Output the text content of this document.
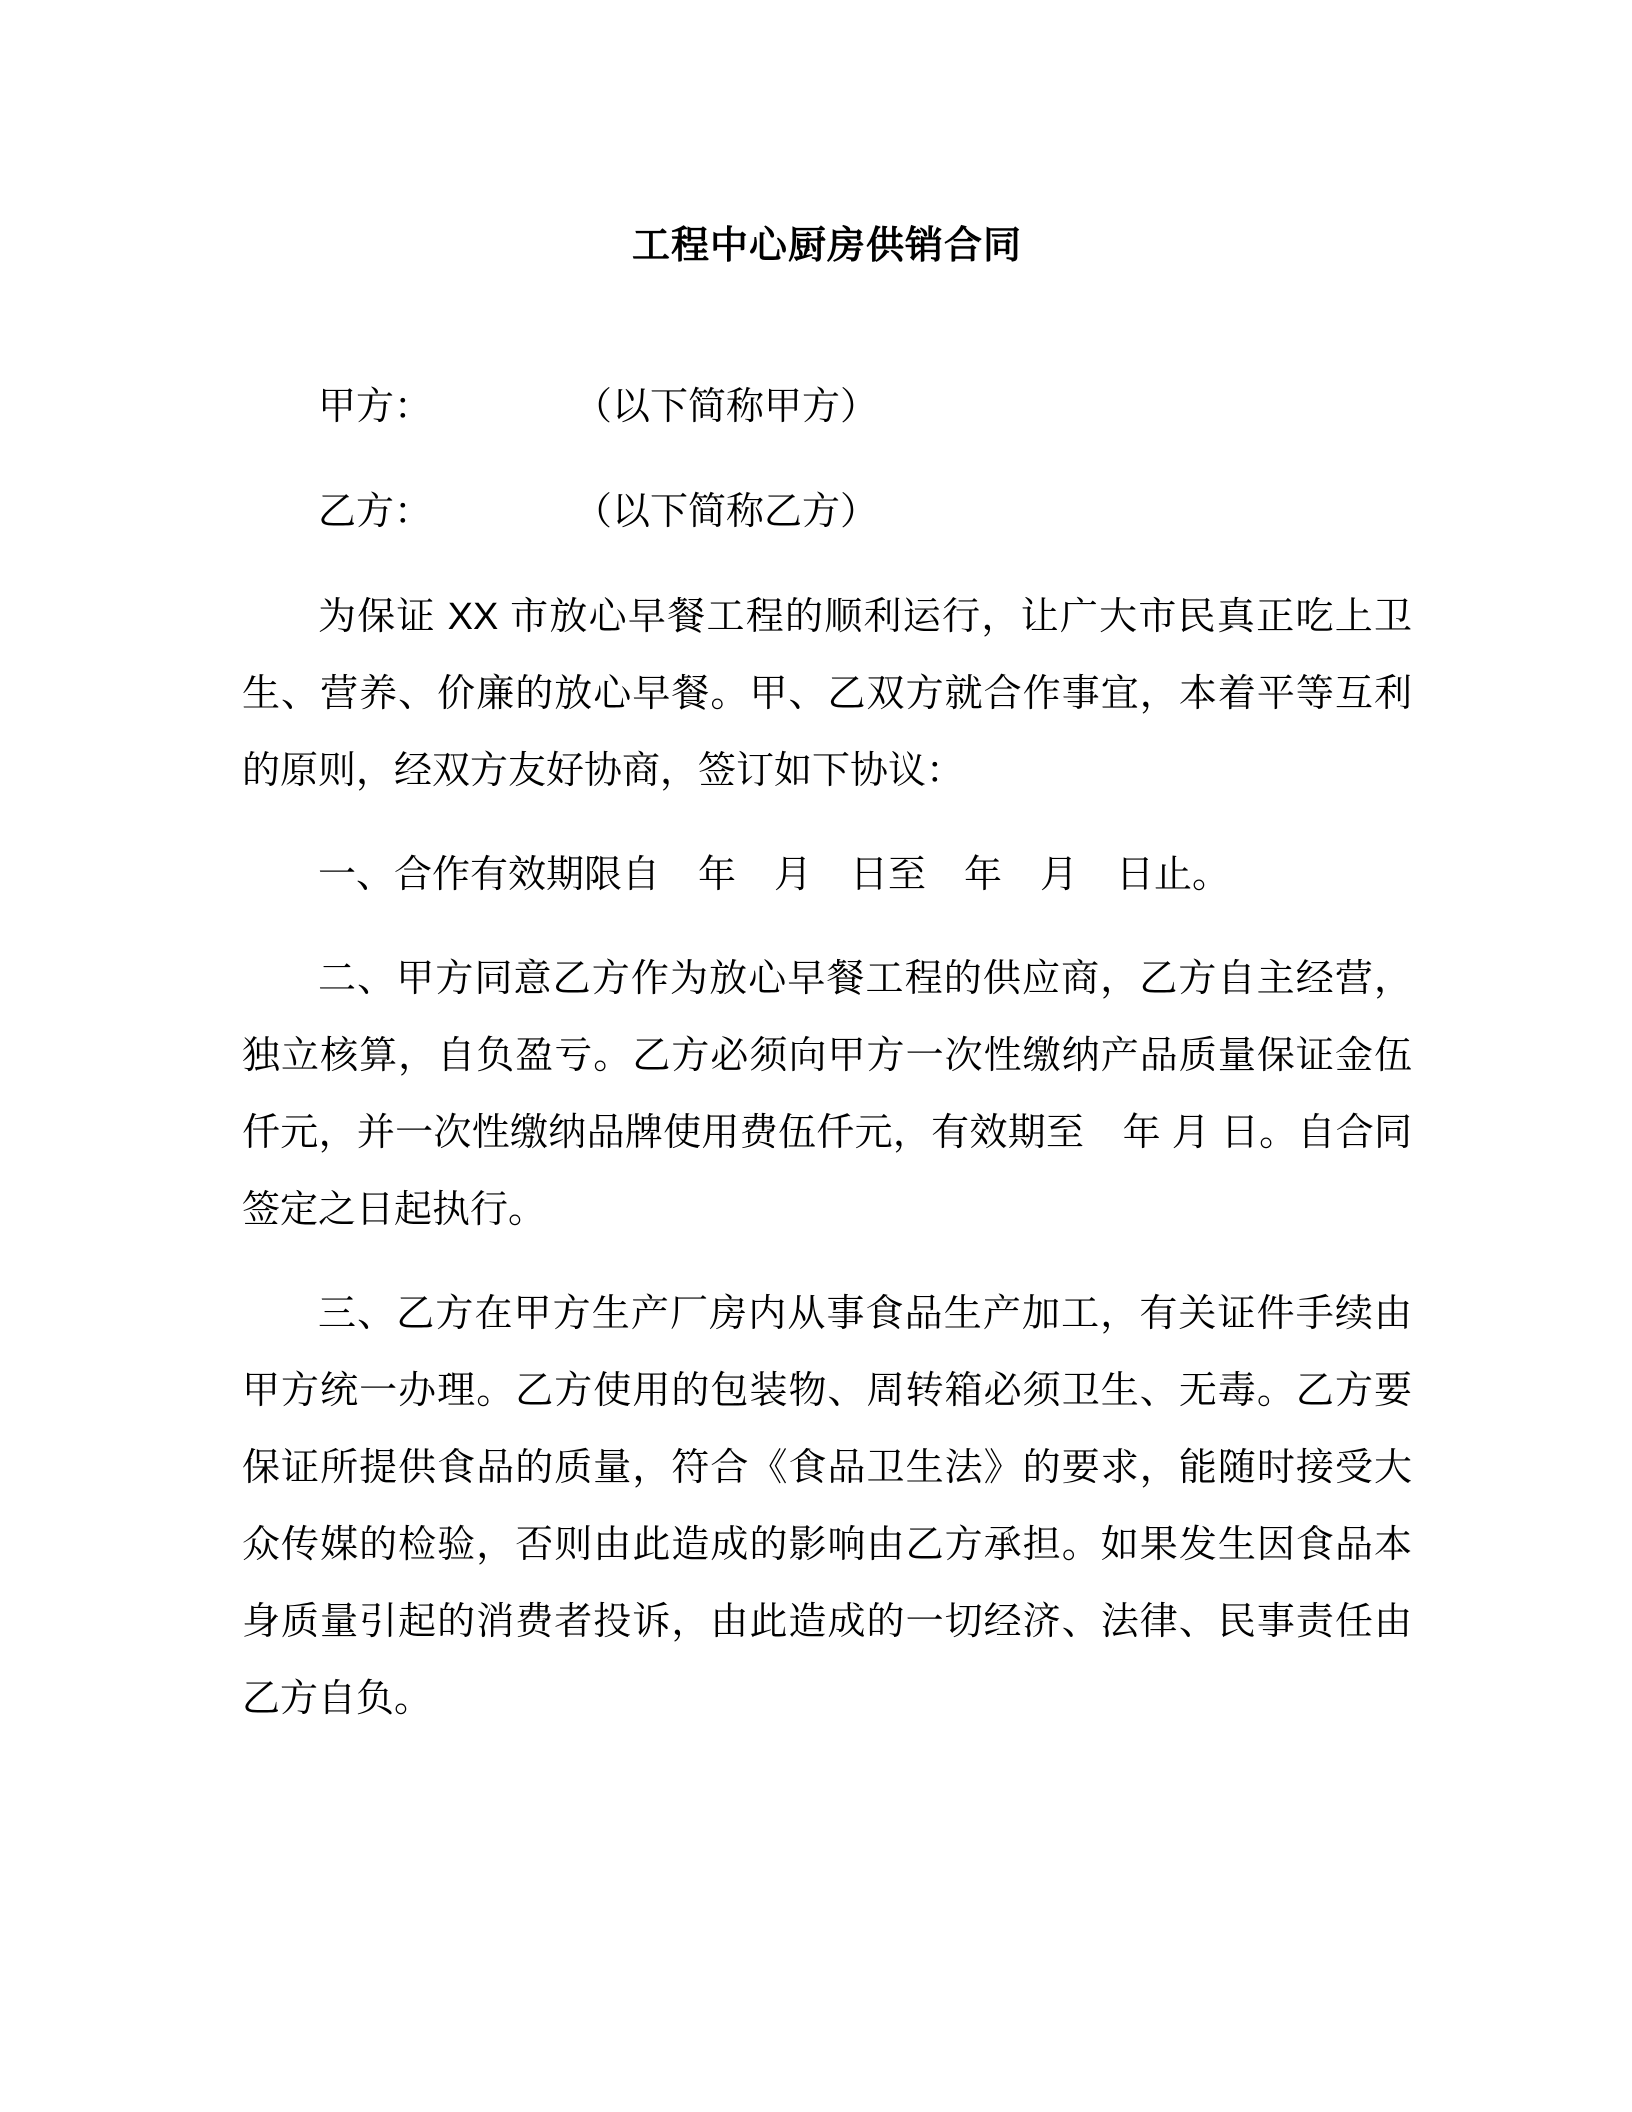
工程中心厨房供销合同

甲方：	（以下简称甲方）

乙方：	（以下简称乙方）

为保证 XX 市放心早餐工程的顺利运行，让广大市民真正吃上卫生、营养、价廉的放心早餐。甲、乙双方就合作事宜，本着平等互利的原则，经双方友好协商，签订如下协议：

一、合作有效期限自　年　月　日至　年　月　日止。

二、甲方同意乙方作为放心早餐工程的供应商，乙方自主经营，独立核算，自负盈亏。乙方必须向甲方一次性缴纳产品质量保证金伍仟元，并一次性缴纳品牌使用费伍仟元，有效期至　年 月 日。自合同签定之日起执行。

三、乙方在甲方生产厂房内从事食品生产加工，有关证件手续由甲方统一办理。乙方使用的包装物、周转箱必须卫生、无毒。乙方要保证所提供食品的质量，符合《食品卫生法》的要求，能随时接受大众传媒的检验，否则由此造成的影响由乙方承担。如果发生因食品本身质量引起的消费者投诉，由此造成的一切经济、法律、民事责任由乙方自负。
